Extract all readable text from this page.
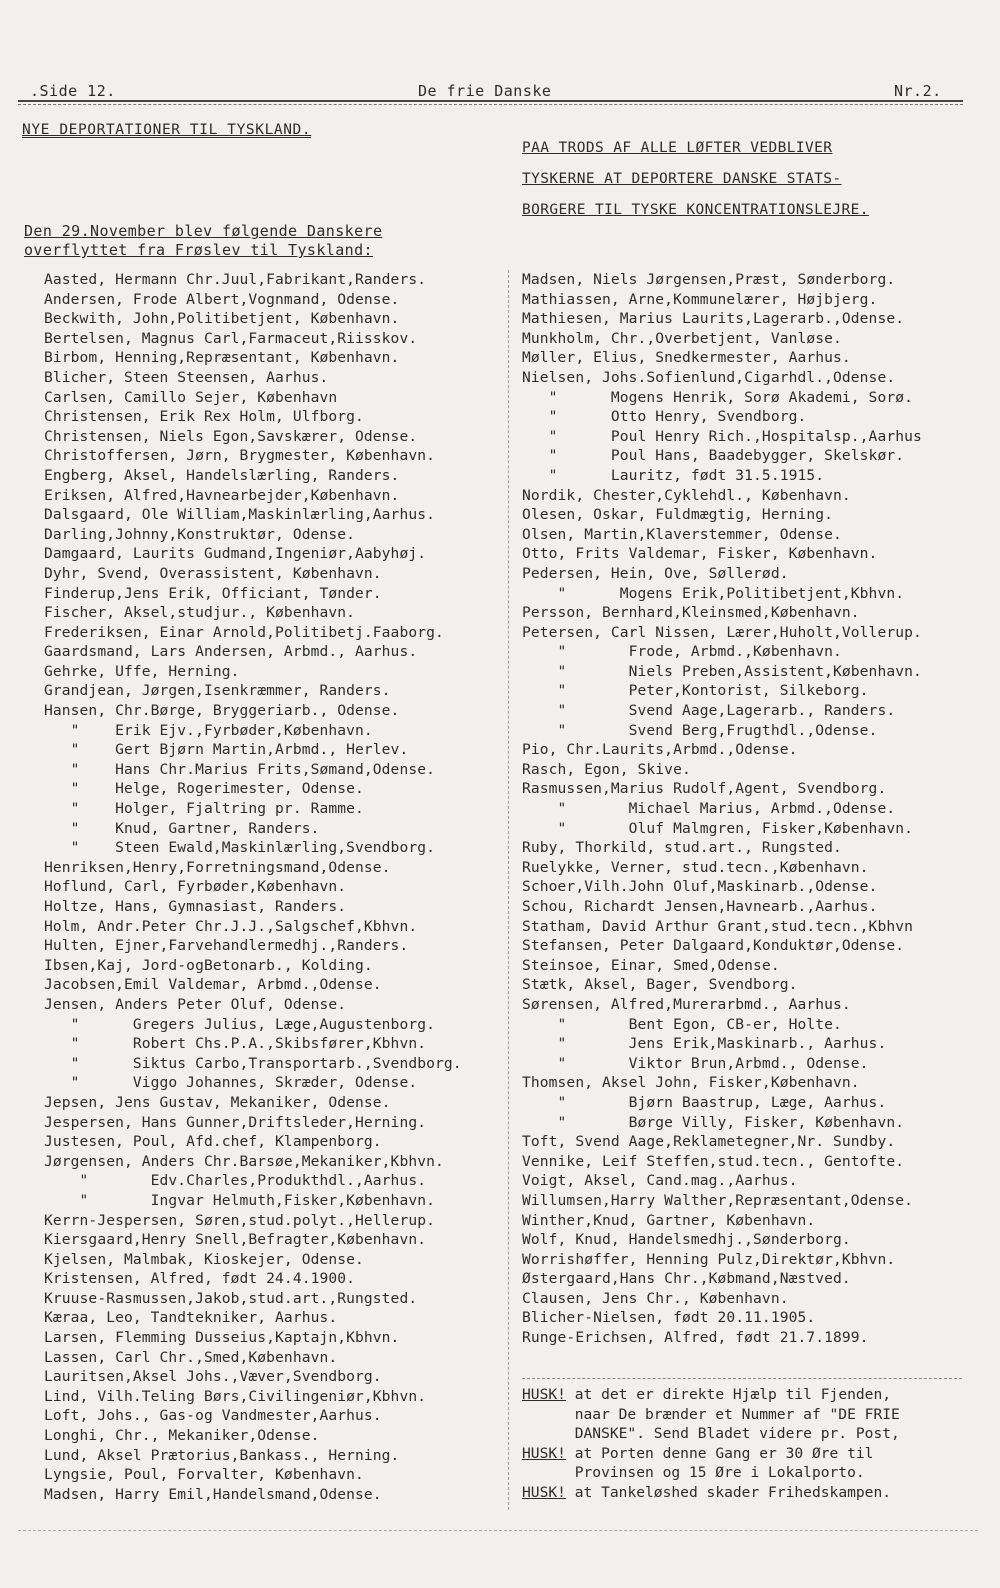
.Side 12.	De frie Danske	Nr.2.
NYE DEPORTATIONER TIL TYSKLAND.
Den 29.November blev følgende Danskere
overflyttet fra Frøslev til Tyskland:
PAA TRODS AF ALLE LØFTER VEDBLIVER
TYSKERNE AT DEPORTERE DANSKE STATS-
BORGERE TIL TYSKE KONCENTRATIONSLEJRE.
Aasted, Hermann Chr.Juul,Fabrikant,Randers.
Andersen, Frode Albert,Vognmand, Odense.
Beckwith, John,Politibetjent, København.
Bertelsen, Magnus Carl,Farmaceut,Riisskov.
Birbom, Henning,Repræsentant, København.
Blicher, Steen Steensen, Aarhus.
Carlsen, Camillo Sejer, København
Christensen, Erik Rex Holm, Ulfborg.
Christensen, Niels Egon,Savskærer, Odense.
Christoffersen, Jørn, Brygmester, København.
Engberg, Aksel, Handelslærling, Randers.
Eriksen, Alfred,Havnearbejder,København.
Dalsgaard, Ole William,Maskinlærling,Aarhus.
Darling,Johnny,Konstruktør, Odense.
Damgaard, Laurits Gudmand,Ingeniør,Aabyhøj.
Dyhr, Svend, Overassistent, København.
Finderup,Jens Erik, Officiant, Tønder.
Fischer, Aksel,studjur., København.
Frederiksen, Einar Arnold,Politibetj.Faaborg.
Gaardsmand, Lars Andersen, Arbmd., Aarhus.
Gehrke, Uffe, Herning.
Grandjean, Jørgen,Isenkræmmer, Randers.
Hansen, Chr.Børge, Bryggeriarb., Odense.
"    Erik Ejv.,Fyrbøder,København.
"    Gert Bjørn Martin,Arbmd., Herlev.
"    Hans Chr.Marius Frits,Sømand,Odense.
"    Helge, Rogerimester, Odense.
"    Holger, Fjaltring pr. Ramme.
"    Knud, Gartner, Randers.
"    Steen Ewald,Maskinlærling,Svendborg.
Henriksen,Henry,Forretningsmand,Odense.
Hoflund, Carl, Fyrbøder,København.
Holtze, Hans, Gymnasiast, Randers.
Holm, Andr.Peter Chr.J.J.,Salgschef,Kbhvn.
Hulten, Ejner,Farvehandlermedhj.,Randers.
Ibsen,Kaj, Jord-ogBetonarb., Kolding.
Jacobsen,Emil Valdemar, Arbmd.,Odense.
Jensen, Anders Peter Oluf, Odense.
"      Gregers Julius, Læge,Augustenborg.
"      Robert Chs.P.A.,Skibsfører,Kbhvn.
"      Siktus Carbo,Transportarb.,Svendborg.
"      Viggo Johannes, Skræder, Odense.
Jepsen, Jens Gustav, Mekaniker, Odense.
Jespersen, Hans Gunner,Driftsleder,Herning.
Justesen, Poul, Afd.chef, Klampenborg.
Jørgensen, Anders Chr.Barsøe,Mekaniker,Kbhvn.
"       Edv.Charles,Produkthdl.,Aarhus.
"       Ingvar Helmuth,Fisker,København.
Kerrn-Jespersen, Søren,stud.polyt.,Hellerup.
Kiersgaard,Henry Snell,Befragter,København.
Kjelsen, Malmbak, Kioskejer, Odense.
Kristensen, Alfred, født 24.4.1900.
Kruuse-Rasmussen,Jakob,stud.art.,Rungsted.
Kæraa, Leo, Tandtekniker, Aarhus.
Larsen, Flemming Dusseius,Kaptajn,Kbhvn.
Lassen, Carl Chr.,Smed,København.
Lauritsen,Aksel Johs.,Væver,Svendborg.
Lind, Vilh.Teling Børs,Civilingeniør,Kbhvn.
Loft, Johs., Gas-og Vandmester,Aarhus.
Longhi, Chr., Mekaniker,Odense.
Lund, Aksel Prætorius,Bankass., Herning.
Lyngsie, Poul, Forvalter, København.
Madsen, Harry Emil,Handelsmand,Odense.
Madsen, Niels Jørgensen,Præst, Sønderborg.
Mathiassen, Arne,Kommunelærer, Højbjerg.
Mathiesen, Marius Laurits,Lagerarb.,Odense.
Munkholm, Chr.,Overbetjent, Vanløse.
Møller, Elius, Snedkermester, Aarhus.
Nielsen, Johs.Sofienlund,Cigarhdl.,Odense.
"      Mogens Henrik, Sorø Akademi, Sorø.
"      Otto Henry, Svendborg.
"      Poul Henry Rich.,Hospitalsp.,Aarhus
"      Poul Hans, Baadebygger, Skelskør.
"      Lauritz, født 31.5.1915.
Nordik, Chester,Cyklehdl., København.
Olesen, Oskar, Fuldmægtig, Herning.
Olsen, Martin,Klaverstemmer, Odense.
Otto, Frits Valdemar, Fisker, København.
Pedersen, Hein, Ove, Søllerød.
"      Mogens Erik,Politibetjent,Kbhvn.
Persson, Bernhard,Kleinsmed,København.
Petersen, Carl Nissen, Lærer,Huholt,Vollerup.
"       Frode, Arbmd.,København.
"       Niels Preben,Assistent,København.
"       Peter,Kontorist, Silkeborg.
"       Svend Aage,Lagerarb., Randers.
"       Svend Berg,Frugthdl.,Odense.
Pio, Chr.Laurits,Arbmd.,Odense.
Rasch, Egon, Skive.
Rasmussen,Marius Rudolf,Agent, Svendborg.
"       Michael Marius, Arbmd.,Odense.
"       Oluf Malmgren, Fisker,København.
Ruby, Thorkild, stud.art., Rungsted.
Ruelykke, Verner, stud.tecn.,København.
Schoer,Vilh.John Oluf,Maskinarb.,Odense.
Schou, Richardt Jensen,Havnearb.,Aarhus.
Statham, David Arthur Grant,stud.tecn.,Kbhvn
Stefansen, Peter Dalgaard,Konduktør,Odense.
Steinsoe, Einar, Smed,Odense.
Stætk, Aksel, Bager, Svendborg.
Sørensen, Alfred,Murerarbmd., Aarhus.
"       Bent Egon, CB-er, Holte.
"       Jens Erik,Maskinarb., Aarhus.
"       Viktor Brun,Arbmd., Odense.
Thomsen, Aksel John, Fisker,København.
"       Bjørn Baastrup, Læge, Aarhus.
"       Børge Villy, Fisker, København.
Toft, Svend Aage,Reklametegner,Nr. Sundby.
Vennike, Leif Steffen,stud.tecn., Gentofte.
Voigt, Aksel, Cand.mag.,Aarhus.
Willumsen,Harry Walther,Repræsentant,Odense.
Winther,Knud, Gartner, København.
Wolf, Knud, Handelsmedhj.,Sønderborg.
Worrishøffer, Henning Pulz,Direktør,Kbhvn.
Østergaard,Hans Chr.,Købmand,Næstved.
Clausen, Jens Chr., København.
Blicher-Nielsen, født 20.11.1905.
Runge-Erichsen, Alfred, født 21.7.1899.
HUSK! at det er direkte Hjælp til Fjenden,
naar De brænder et Nummer af "DE FRIE
DANSKE". Send Bladet videre pr. Post,
HUSK! at Porten denne Gang er 30 Øre til
Provinsen og 15 Øre i Lokalporto.
HUSK! at Tankeløshed skader Frihedskampen.
